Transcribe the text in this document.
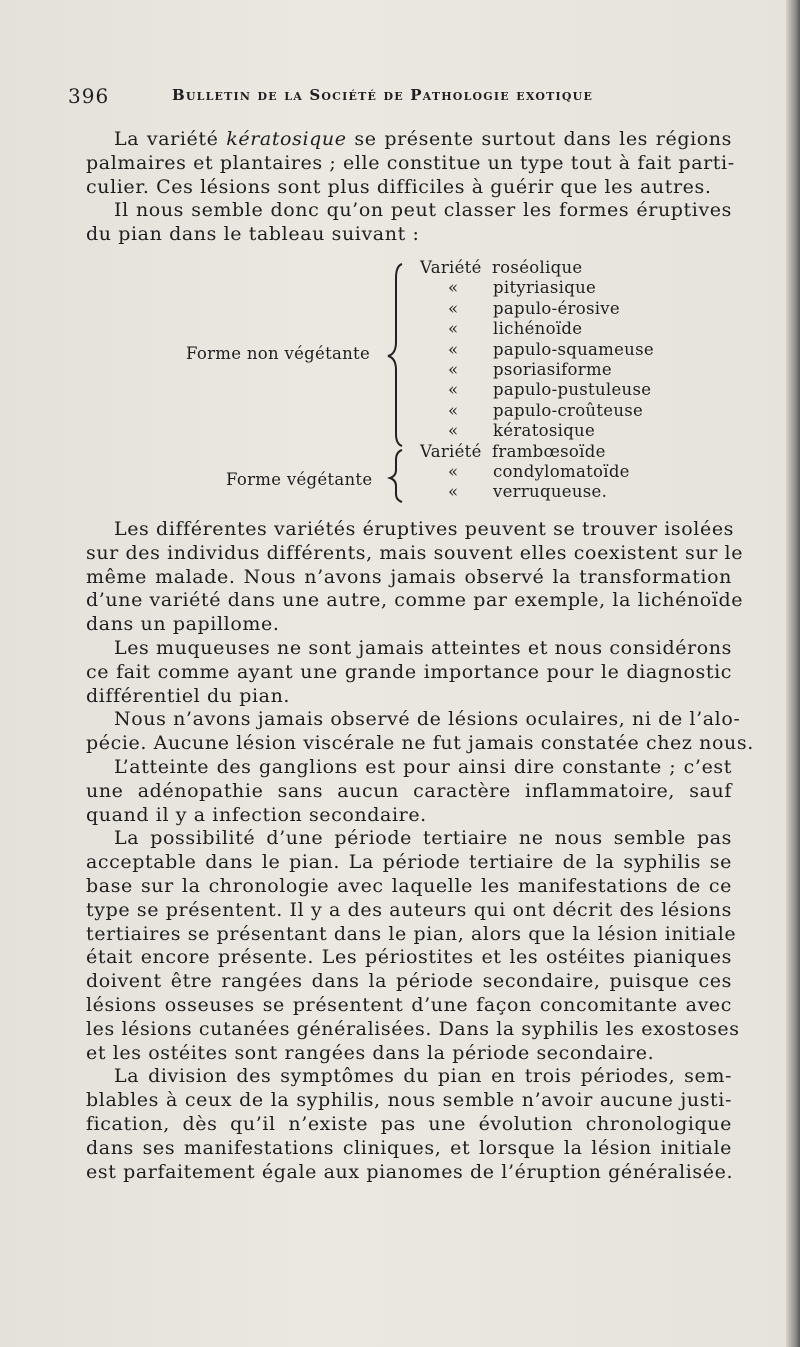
396	Bulletin de la Société de Pathologie exotique
La variété kératosique se présente surtout dans les régions
palmaires et plantaires ; elle constitue un type tout à fait parti-
culier. Ces lésions sont plus difficiles à guérir que les autres.
Il nous semble donc qu’on peut classer les formes éruptives
du pian dans le tableau suivant :
Forme non végétante
Forme végétante
Variété roséolique
« pityriasique
« papulo-érosive
« lichénoïde
« papulo-squameuse
« psoriasiforme
« papulo-pustuleuse
« papulo-croûteuse
« kératosique
Variété frambœsoïde
« condylomatoïde
« verruqueuse.
Les différentes variétés éruptives peuvent se trouver isolées
sur des individus différents, mais souvent elles coexistent sur le
même malade. Nous n’avons jamais observé la transformation
d’une variété dans une autre, comme par exemple, la lichénoïde
dans un papillome.
Les muqueuses ne sont jamais atteintes et nous considérons
ce fait comme ayant une grande importance pour le diagnostic
différentiel du pian.
Nous n’avons jamais observé de lésions oculaires, ni de l’alo-
pécie. Aucune lésion viscérale ne fut jamais constatée chez nous.
L’atteinte des ganglions est pour ainsi dire constante ; c’est
une adénopathie sans aucun caractère inflammatoire, sauf
quand il y a infection secondaire.
La possibilité d’une période tertiaire ne nous semble pas
acceptable dans le pian. La période tertiaire de la syphilis se
base sur la chronologie avec laquelle les manifestations de ce
type se présentent. Il y a des auteurs qui ont décrit des lésions
tertiaires se présentant dans le pian, alors que la lésion initiale
était encore présente. Les périostites et les ostéites pianiques
doivent être rangées dans la période secondaire, puisque ces
lésions osseuses se présentent d’une façon concomitante avec
les lésions cutanées généralisées. Dans la syphilis les exostoses
et les ostéites sont rangées dans la période secondaire.
La division des symptômes du pian en trois périodes, sem-
blables à ceux de la syphilis, nous semble n’avoir aucune justi-
fication, dès qu’il n’existe pas une évolution chronologique
dans ses manifestations cliniques, et lorsque la lésion initiale
est parfaitement égale aux pianomes de l’éruption généralisée.
